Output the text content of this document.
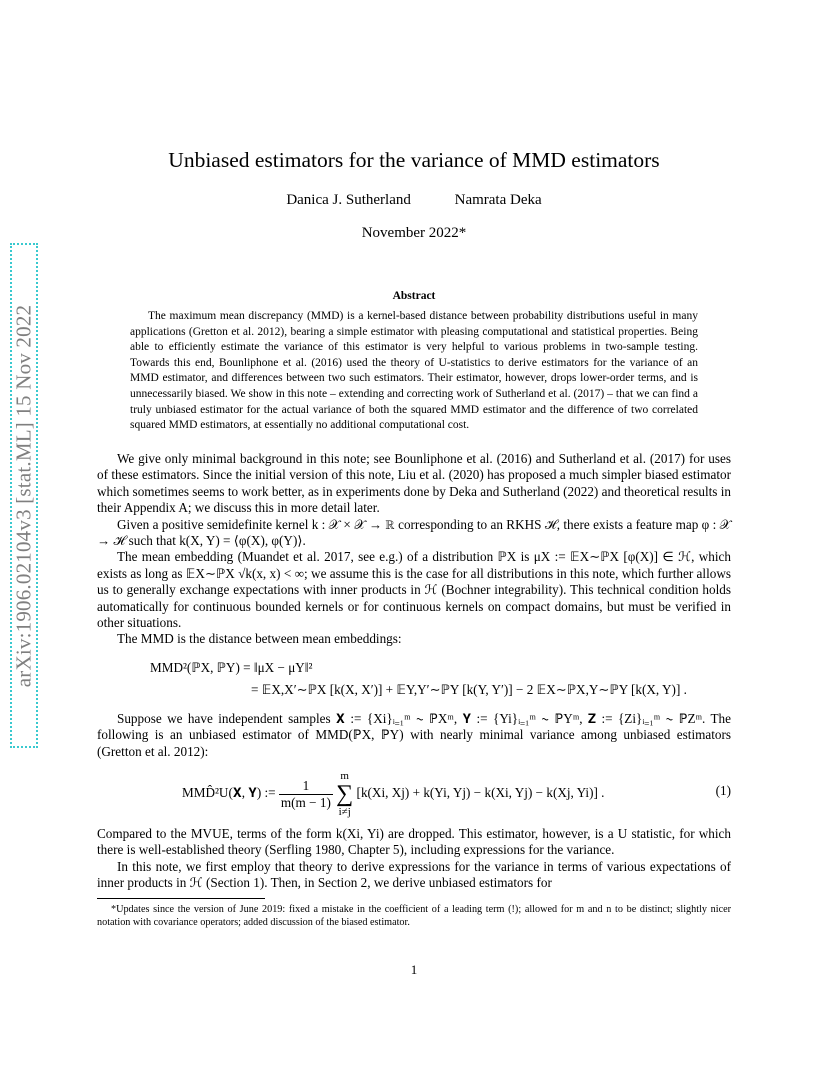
arXiv:1906.02104v3 [stat.ML] 15 Nov 2022
Unbiased estimators for the variance of MMD estimators
Danica J. Sutherland	Namrata Deka
November 2022*
Abstract

The maximum mean discrepancy (MMD) is a kernel-based distance between probability distributions useful in many applications (Gretton et al. 2012), bearing a simple estimator with pleasing computational and statistical properties. Being able to efficiently estimate the variance of this estimator is very helpful to various problems in two-sample testing. Towards this end, Bounliphone et al. (2016) used the theory of U-statistics to derive estimators for the variance of an MMD estimator, and differences between two such estimators. Their estimator, however, drops lower-order terms, and is unnecessarily biased. We show in this note – extending and correcting work of Sutherland et al. (2017) – that we can find a truly unbiased estimator for the actual variance of both the squared MMD estimator and the difference of two correlated squared MMD estimators, at essentially no additional computational cost.

We give only minimal background in this note; see Bounliphone et al. (2016) and Sutherland et al. (2017) for uses of these estimators. Since the initial version of this note, Liu et al. (2020) has proposed a much simpler biased estimator which sometimes seems to work better, as in experiments done by Deka and Sutherland (2022) and theoretical results in their Appendix A; we discuss this in more detail later.

Given a positive semidefinite kernel k : 𝒳 × 𝒳 → ℝ corresponding to an RKHS ℋ, there exists a feature map φ : 𝒳 → ℋ such that k(X, Y) = ⟨φ(X), φ(Y)⟩.

The mean embedding (Muandet et al. 2017, see e.g.) of a distribution ℙX is μX := 𝔼X∼ℙX [φ(X)] ∈ ℋ, which exists as long as 𝔼X∼ℙX √k(x, x) < ∞; we assume this is the case for all distributions in this note, which further allows us to generally exchange expectations with inner products in ℋ (Bochner integrability). This technical condition holds automatically for continuous bounded kernels or for continuous kernels on compact domains, but must be verified in other situations.

The MMD is the distance between mean embeddings:

MMD²(ℙX, ℙY) = ‖μX − μY‖²
= 𝔼X,X′∼ℙX [k(X, X′)] + 𝔼Y,Y′∼ℙY [k(Y, Y′)] − 2 𝔼X∼ℙX,Y∼ℙY [k(X, Y)] .

Suppose we have independent samples 𝐗 := {Xi}ᵢ₌₁ᵐ ∼ ℙXᵐ, 𝐘 := {Yi}ᵢ₌₁ᵐ ∼ ℙYᵐ, 𝐙 := {Zi}ᵢ₌₁ᵐ ∼ ℙZᵐ. The following is an unbiased estimator of MMD(ℙX, ℙY) with nearly minimal variance among unbiased estimators (Gretton et al. 2012):

MMD̂²U(𝐗, 𝐘) := $\frac{1}{m(m - 1)}$
m
∑
i≠j [k(Xi, Xj) + k(Yi, Yj) − k(Xi, Yj) − k(Xj, Yi)] .	(1)

Compared to the MVUE, terms of the form k(Xi, Yi) are dropped. This estimator, however, is a U statistic, for which there is well-established theory (Serfling 1980, Chapter 5), including expressions for the variance.

In this note, we first employ that theory to derive expressions for the variance in terms of various expectations of inner products in ℋ (Section 1). Then, in Section 2, we derive unbiased estimators for

*Updates since the version of June 2019: fixed a mistake in the coefficient of a leading term (!); allowed for m and n to be distinct; slightly nicer notation with covariance operators; added discussion of the biased estimator.
1
